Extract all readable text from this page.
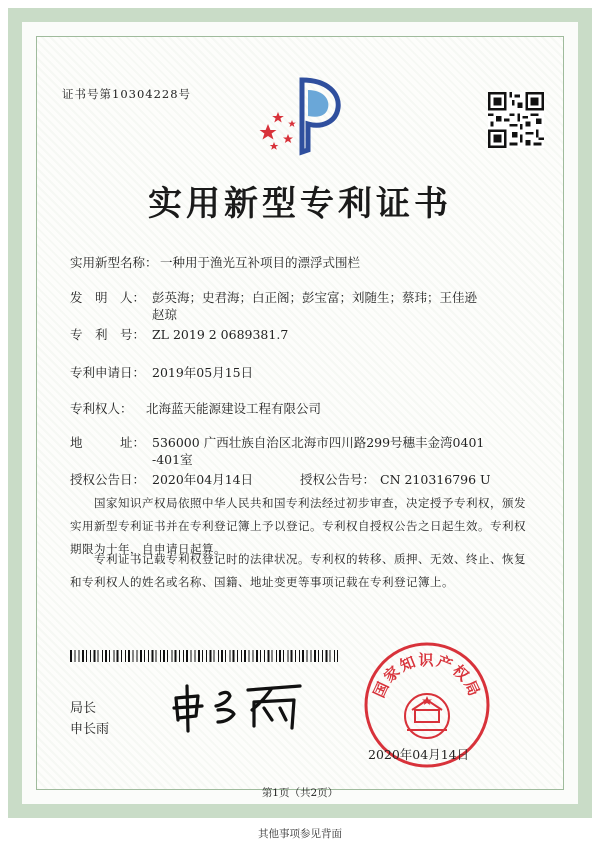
证书号第10304228号
实用新型专利证书
实用新型名称： 一种用于渔光互补项目的漂浮式围栏
发　明　人： 彭英海；史君海；白正阁；彭宝富；刘随生；蔡玮；王佳逊
赵琼
专　利　号： ZL 2019 2 0689381.7
专利申请日： 2019年05月15日
专利权人： 北海蓝天能源建设工程有限公司
地　　　址： 536000 广西壮族自治区北海市四川路299号穗丰金湾0401
-401室
授权公告日： 2020年04月14日	授权公告号： CN 210316796 U
国家知识产权局依照中华人民共和国专利法经过初步审查，决定授予专利权，颁发实用新型专利证书并在专利登记簿上予以登记。专利权自授权公告之日起生效。专利权期限为十年，自申请日起算。
专利证书记载专利权登记时的法律状况。专利权的转移、质押、无效、终止、恢复和专利权人的姓名或名称、国籍、地址变更等事项记载在专利登记簿上。
局长
申长雨
国家知识产权局
2020年04月14日
第1页（共2页）
其他事项参见背面
